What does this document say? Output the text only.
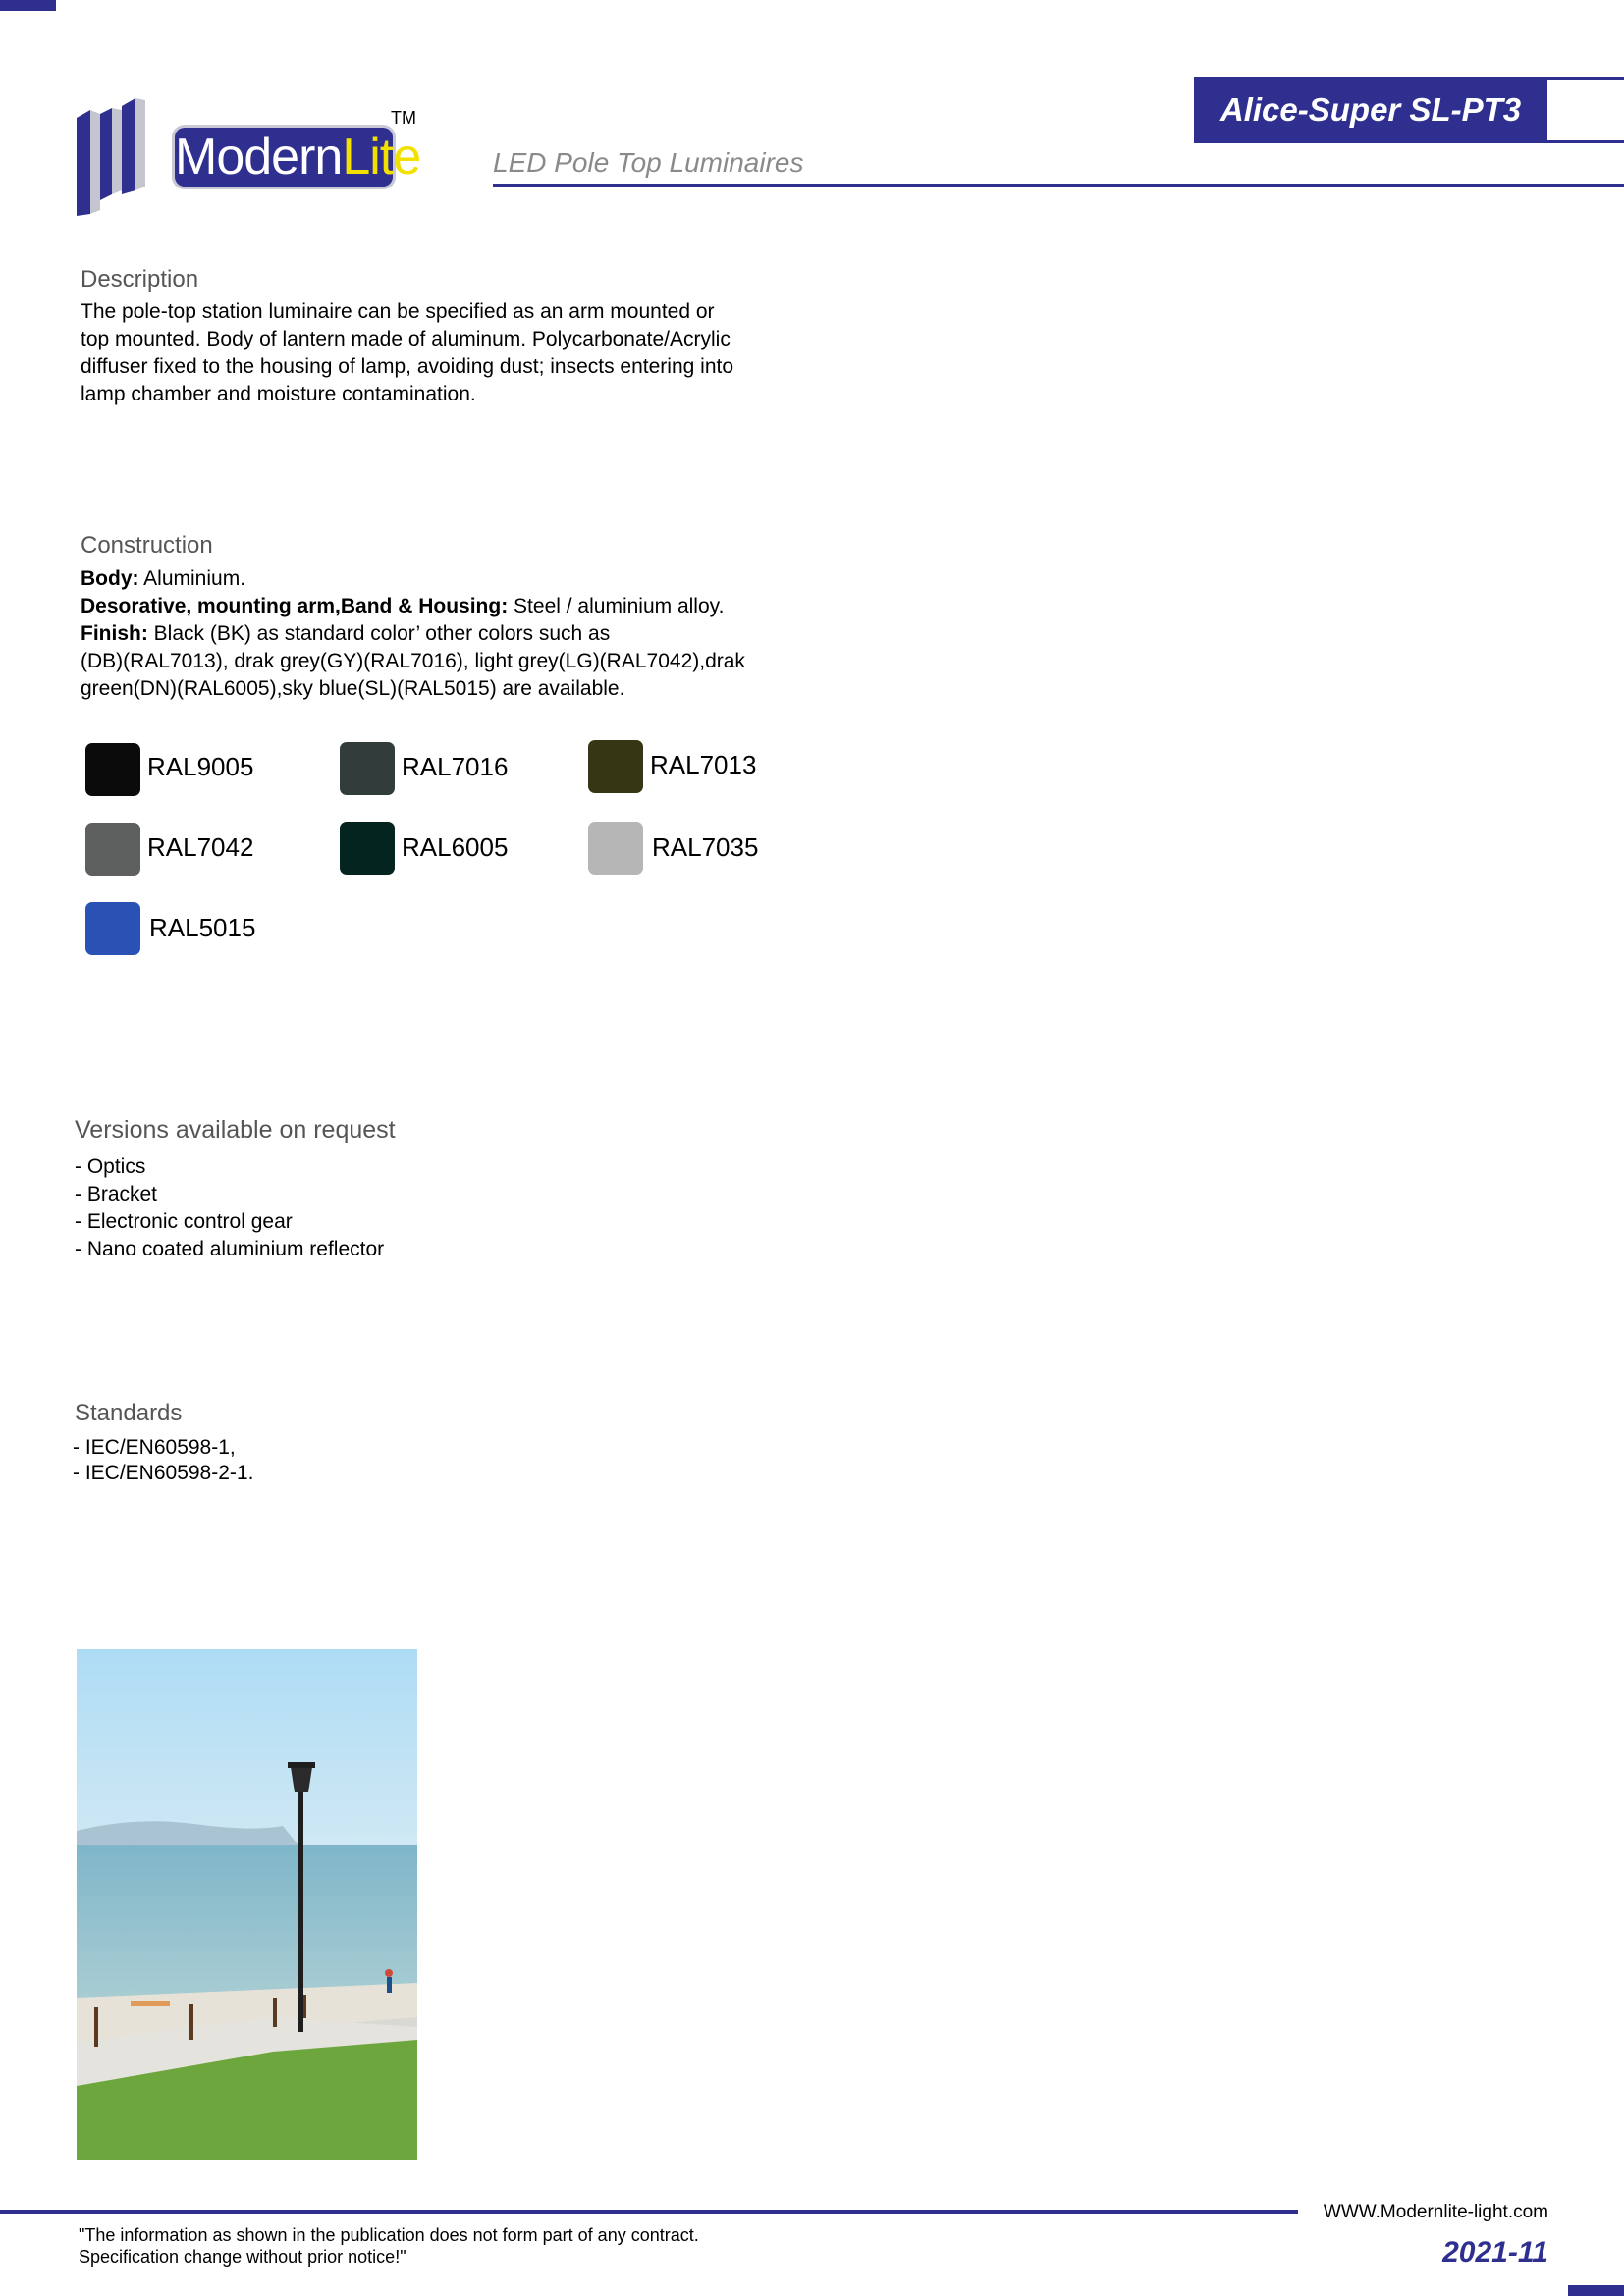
ModernLite
TM	Alice-Super SL-PT3
LED Pole Top Luminaires
Description
The pole-top station luminaire can be specified as an arm mounted or
top mounted. Body of lantern made of aluminum. Polycarbonate/Acrylic
diffuser fixed to the housing of lamp, avoiding dust; insects entering into
lamp chamber and moisture contamination.
Construction
Body: Aluminium.
Desorative, mounting arm,Band & Housing: Steel / aluminium alloy.
Finish: Black (BK) as standard color’ other colors such as
(DB)(RAL7013), drak grey(GY)(RAL7016), light grey(LG)(RAL7042),drak
green(DN)(RAL6005),sky blue(SL)(RAL5015) are available.
RAL9005	RAL7016	RAL7013
RAL7042	RAL6005	RAL7035
RAL5015
Versions available on request
- Optics
- Bracket
- Electronic control gear
- Nano coated aluminium reflector
Standards
- IEC/EN60598-1,
- IEC/EN60598-2-1.
WWW.Modernlite-light.com
"The information as shown in the publication does not form part of any contract.
Specification change without prior notice!"	2021-11
